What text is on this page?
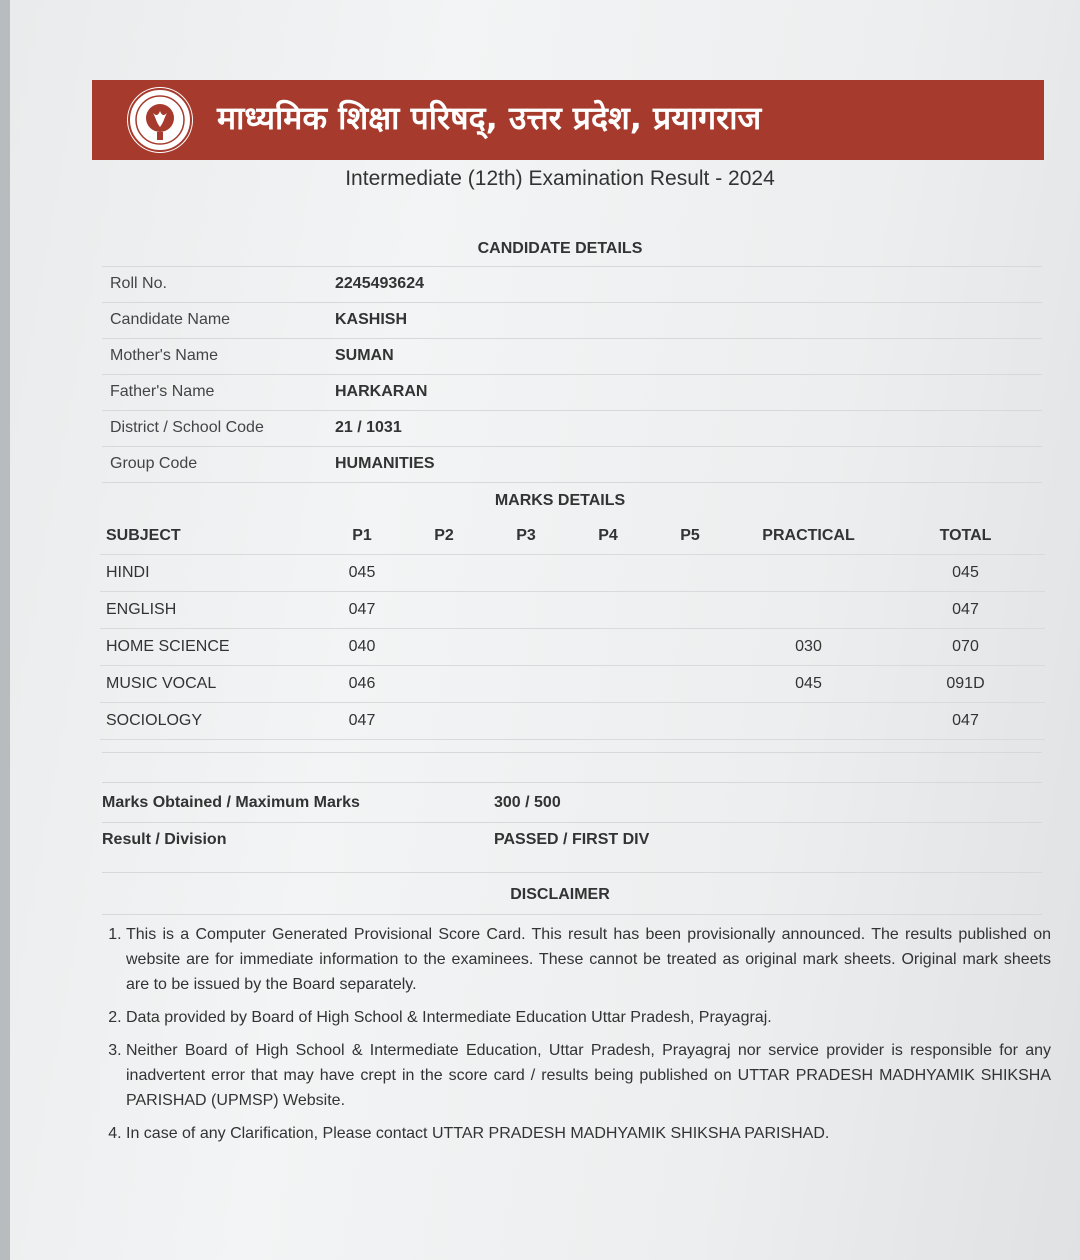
माध्यमिक शिक्षा परिषद्, उत्तर प्रदेश, प्रयागराज
Intermediate (12th) Examination Result - 2024
CANDIDATE DETAILS
Roll No.	2245493624
Candidate Name	KASHISH
Mother's Name	SUMAN
Father's Name	HARKARAN
District / School Code	21 / 1031
Group Code	HUMANITIES
MARKS DETAILS
SUBJECT	P1	P2	P3	P4	P5	PRACTICAL	TOTAL
HINDI	045						045
ENGLISH	047						047
HOME SCIENCE	040					030	070
MUSIC VOCAL	046					045	091D
SOCIOLOGY	047						047
Marks Obtained / Maximum Marks	300 / 500
Result / Division	PASSED / FIRST DIV
DISCLAIMER
1. This is a Computer Generated Provisional Score Card. This result has been provisionally announced. The results published on website are for immediate information to the examinees. These cannot be treated as original mark sheets. Original mark sheets are to be issued by the Board separately.
2. Data provided by Board of High School & Intermediate Education Uttar Pradesh, Prayagraj.
3. Neither Board of High School & Intermediate Education, Uttar Pradesh, Prayagraj nor service provider is responsible for any inadvertent error that may have crept in the score card / results being published on UTTAR PRADESH MADHYAMIK SHIKSHA PARISHAD (UPMSP) Website.
4. In case of any Clarification, Please contact UTTAR PRADESH MADHYAMIK SHIKSHA PARISHAD.
